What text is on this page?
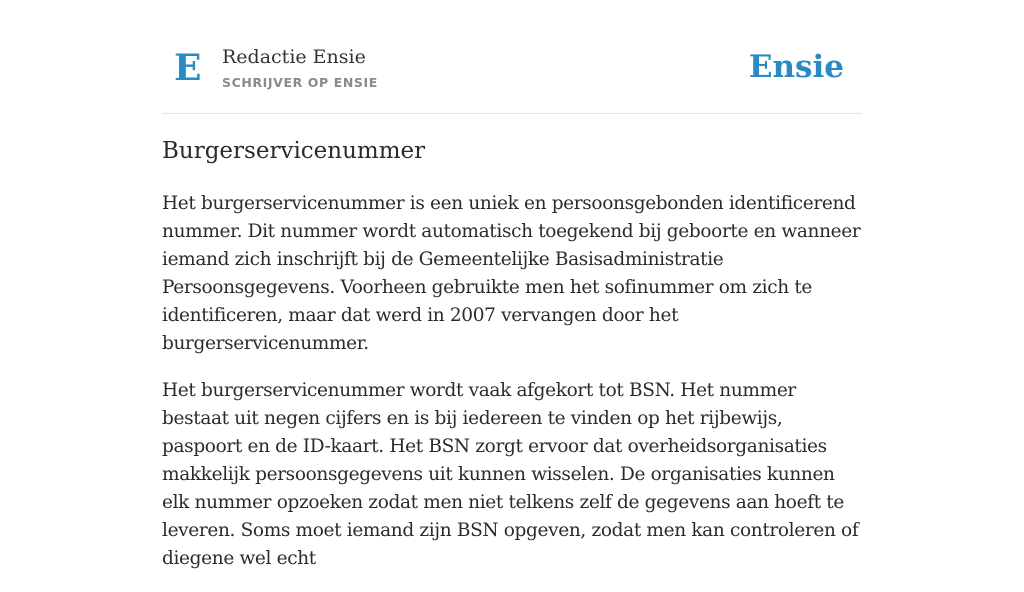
E Redactie Ensie
SCHRIJVER OP ENSIE	Ensie
Burgerservicenummer

Het burgerservicenummer is een uniek en persoonsgebonden identificerend nummer. Dit nummer wordt automatisch toegekend bij geboorte en wanneer iemand zich inschrijft bij de Gemeentelijke Basisadministratie Persoonsgegevens. Voorheen gebruikte men het sofinummer om zich te identificeren, maar dat werd in 2007 vervangen door het burgerservicenummer.

Het burgerservicenummer wordt vaak afgekort tot BSN. Het nummer bestaat uit negen cijfers en is bij iedereen te vinden op het rijbewijs, paspoort en de ID-kaart. Het BSN zorgt ervoor dat overheidsorganisaties makkelijk persoonsgegevens uit kunnen wisselen. De organisaties kunnen elk nummer opzoeken zodat men niet telkens zelf de gegevens aan hoeft te leveren. Soms moet iemand zijn BSN opgeven, zodat men kan controleren of diegene wel echt
